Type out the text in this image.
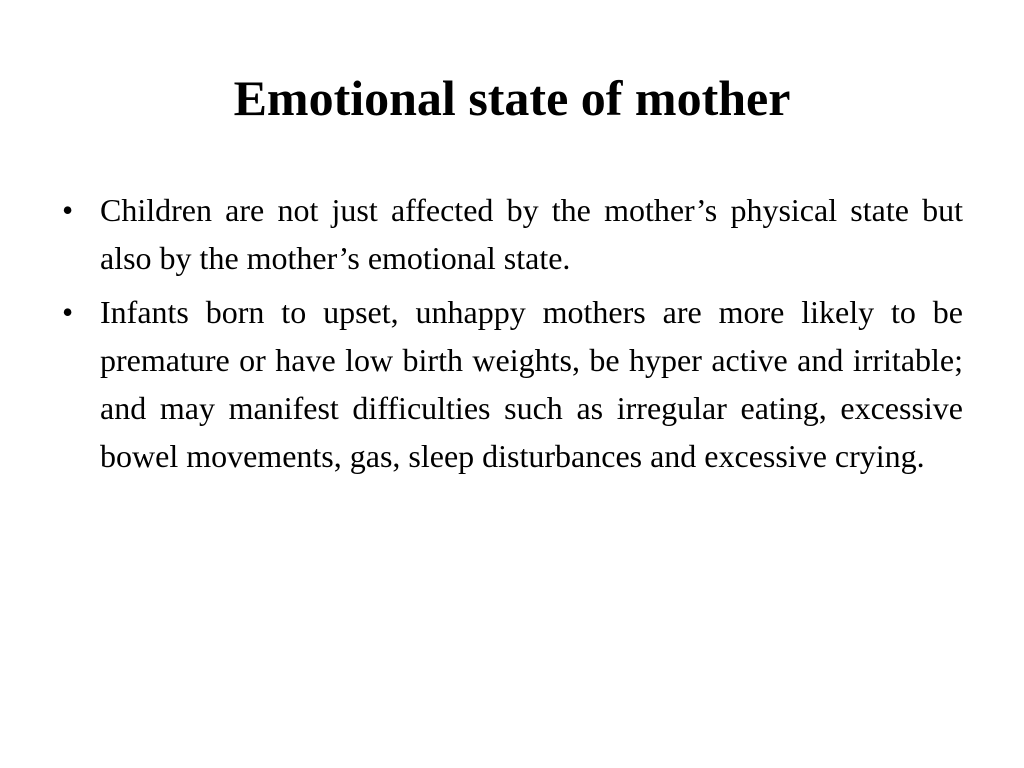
Emotional state of mother
• Children are not just affected by the mother’s physical state but also by the mother’s emotional state.
• Infants born to upset, unhappy mothers are more likely to be premature or have low birth weights, be hyper active and irritable; and may manifest difficulties such as irregular eating, excessive bowel movements, gas, sleep disturbances and excessive crying.
